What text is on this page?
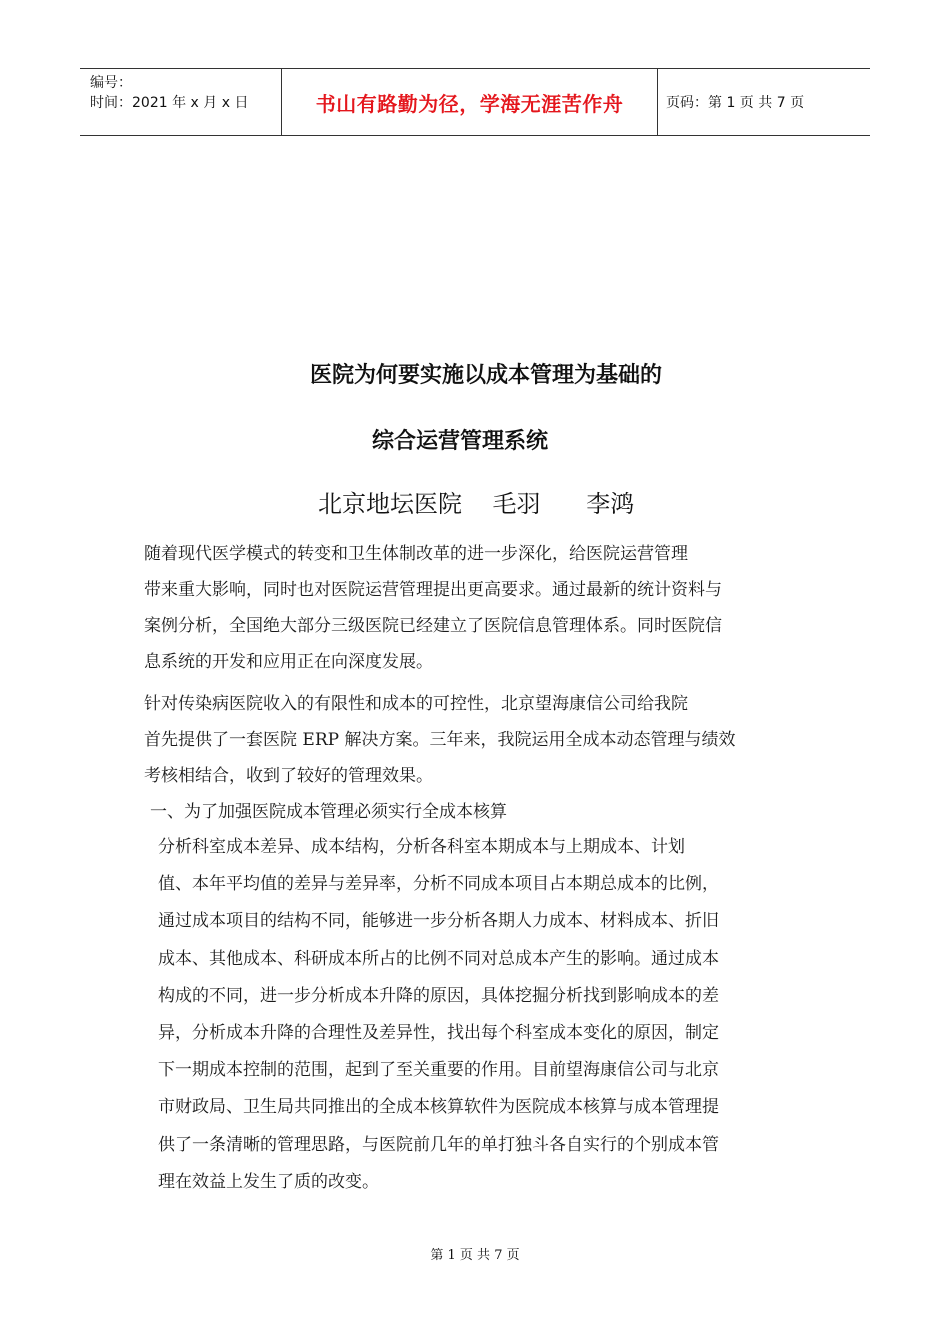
编号：
时间：2021 年 x 月 x 日	书山有路勤为径，学海无涯苦作舟	页码：第 1 页 共 7 页
医院为何要实施以成本管理为基础的
综合运营管理系统
北京地坛医院    毛羽      李鸿
随着现代医学模式的转变和卫生体制改革的进一步深化，给医院运营管理
带来重大影响，同时也对医院运营管理提出更高要求。通过最新的统计资料与
案例分析，全国绝大部分三级医院已经建立了医院信息管理体系。同时医院信
息系统的开发和应用正在向深度发展。
针对传染病医院收入的有限性和成本的可控性，北京望海康信公司给我院
首先提供了一套医院 ERP 解决方案。三年来，我院运用全成本动态管理与绩效
考核相结合，收到了较好的管理效果。
一、为了加强医院成本管理必须实行全成本核算
分析科室成本差异、成本结构，分析各科室本期成本与上期成本、计划
值、本年平均值的差异与差异率，分析不同成本项目占本期总成本的比例，
通过成本项目的结构不同，能够进一步分析各期人力成本、材料成本、折旧
成本、其他成本、科研成本所占的比例不同对总成本产生的影响。通过成本
构成的不同，进一步分析成本升降的原因，具体挖掘分析找到影响成本的差
异，分析成本升降的合理性及差异性，找出每个科室成本变化的原因，制定
下一期成本控制的范围，起到了至关重要的作用。目前望海康信公司与北京
市财政局、卫生局共同推出的全成本核算软件为医院成本核算与成本管理提
供了一条清晰的管理思路，与医院前几年的单打独斗各自实行的个别成本管
理在效益上发生了质的改变。
第 1 页 共 7 页
